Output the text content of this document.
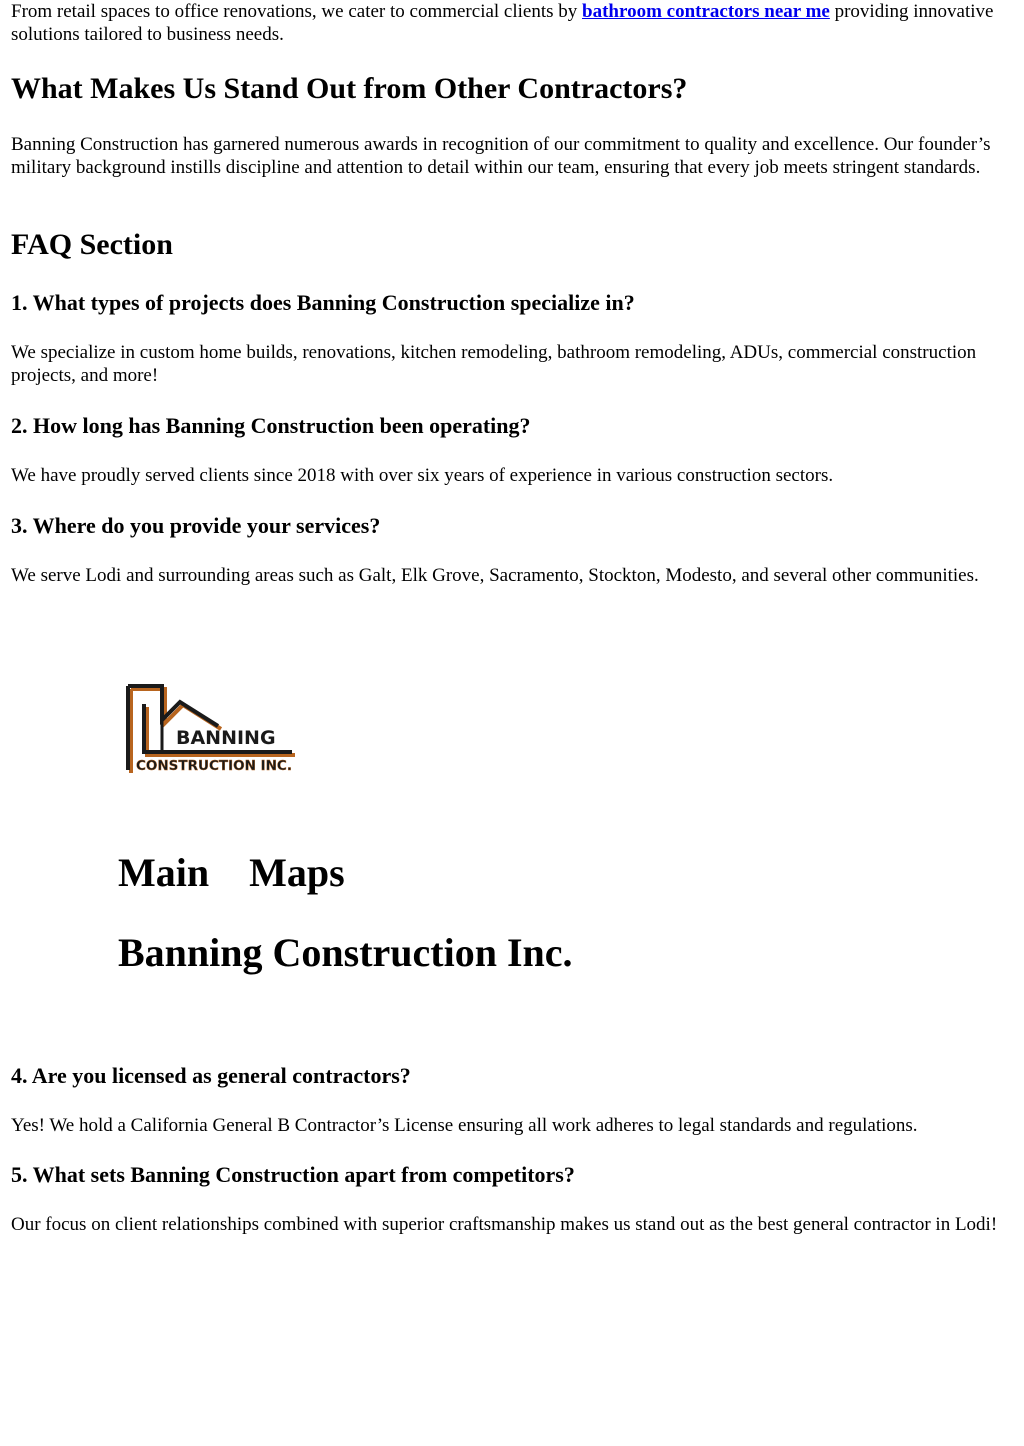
From retail spaces to office renovations, we cater to commercial clients by bathroom contractors near me providing innovative solutions tailored to business needs.

What Makes Us Stand Out from Other Contractors?

Banning Construction has garnered numerous awards in recognition of our commitment to quality and excellence. Our founder’s military background instills discipline and attention to detail within our team, ensuring that every job meets stringent standards.

FAQ Section
1. What types of projects does Banning Construction specialize in?

We specialize in custom home builds, renovations, kitchen remodeling, bathroom remodeling, ADUs, commercial construction projects, and more!

2. How long has Banning Construction been operating?

We have proudly served clients since 2018 with over six years of experience in various construction sectors.

3. Where do you provide your services?

We serve Lodi and surrounding areas such as Galt, Elk Grove, Sacramento, Stockton, Modesto, and several other communities.

BANNING
CONSTRUCTION INC.
Main Maps
Banning Construction Inc.
4. Are you licensed as general contractors?

Yes! We hold a California General B Contractor’s License ensuring all work adheres to legal standards and regulations.

5. What sets Banning Construction apart from competitors?

Our focus on client relationships combined with superior craftsmanship makes us stand out as the best general contractor in Lodi!
